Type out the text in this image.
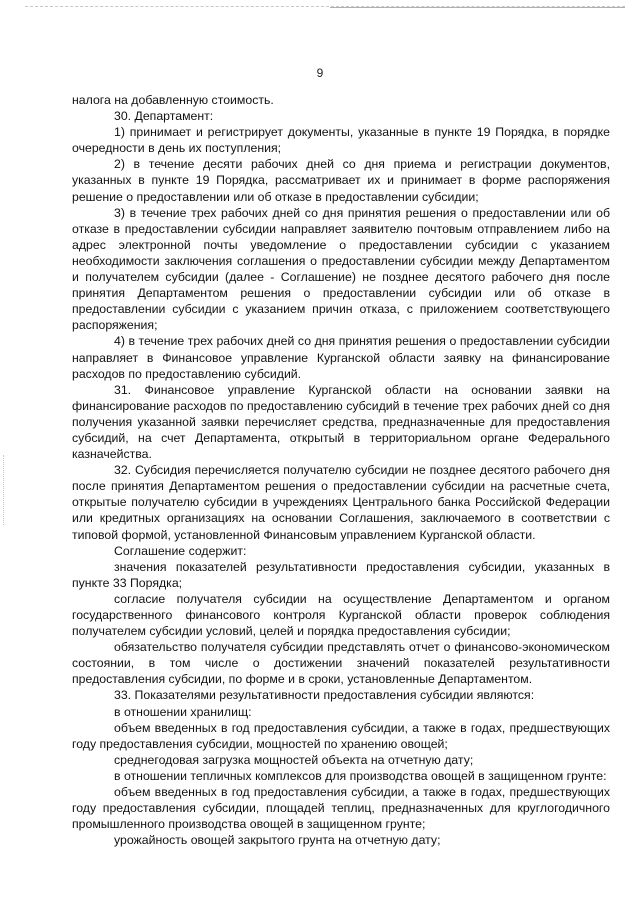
9

налога на добавленную стоимость.

30. Департамент:

1) принимает и регистрирует документы, указанные в пункте 19 Порядка, в порядке очередности в день их поступления;

2) в течение десяти рабочих дней со дня приема и регистрации документов, указанных в пункте 19 Порядка, рассматривает их и принимает в форме распоряжения решение о предоставлении или об отказе в предоставлении субсидии;

3) в течение трех рабочих дней со дня принятия решения о предоставлении или об отказе в предоставлении субсидии направляет заявителю почтовым отправлением либо на адрес электронной почты уведомление о предоставлении субсидии с указанием необходимости заключения соглашения о предоставлении субсидии между Департаментом и получателем субсидии (далее - Соглашение) не позднее десятого рабочего дня после принятия Департаментом решения о предоставлении субсидии или об отказе в предоставлении субсидии с указанием причин отказа, с приложением соответствующего распоряжения;

4) в течение трех рабочих дней со дня принятия решения о предоставлении субсидии направляет в Финансовое управление Курганской области заявку на финансирование расходов по предоставлению субсидий.

31. Финансовое управление Курганской области на основании заявки на финансирование расходов по предоставлению субсидий в течение трех рабочих дней со дня получения указанной заявки перечисляет средства, предназначенные для предоставления субсидий, на счет Департамента, открытый в территориальном органе Федерального казначейства.

32. Субсидия перечисляется получателю субсидии не позднее десятого рабочего дня после принятия Департаментом решения о предоставлении субсидии на расчетные счета, открытые получателю субсидии в учреждениях Центрального банка Российской Федерации или кредитных организациях на основании Соглашения, заключаемого в соответствии с типовой формой, установленной Финансовым управлением Курганской области.

Соглашение содержит:

значения показателей результативности предоставления субсидии, указанных в пункте 33 Порядка;

согласие получателя субсидии на осуществление Департаментом и органом государственного финансового контроля Курганской области проверок соблюдения получателем субсидии условий, целей и порядка предоставления субсидии;

обязательство получателя субсидии представлять отчет о финансово-экономическом состоянии, в том числе о достижении значений показателей результативности предоставления субсидии, по форме и в сроки, установленные Департаментом.

33. Показателями результативности предоставления субсидии являются:

в отношении хранилищ:

объем введенных в год предоставления субсидии, а также в годах, предшествующих году предоставления субсидии, мощностей по хранению овощей;

среднегодовая загрузка мощностей объекта на отчетную дату;

в отношении тепличных комплексов для производства овощей в защищенном грунте:

объем введенных в год предоставления субсидии, а также в годах, предшествующих году предоставления субсидии, площадей теплиц, предназначенных для круглогодичного промышленного производства овощей в защищенном грунте;

урожайность овощей закрытого грунта на отчетную дату;
